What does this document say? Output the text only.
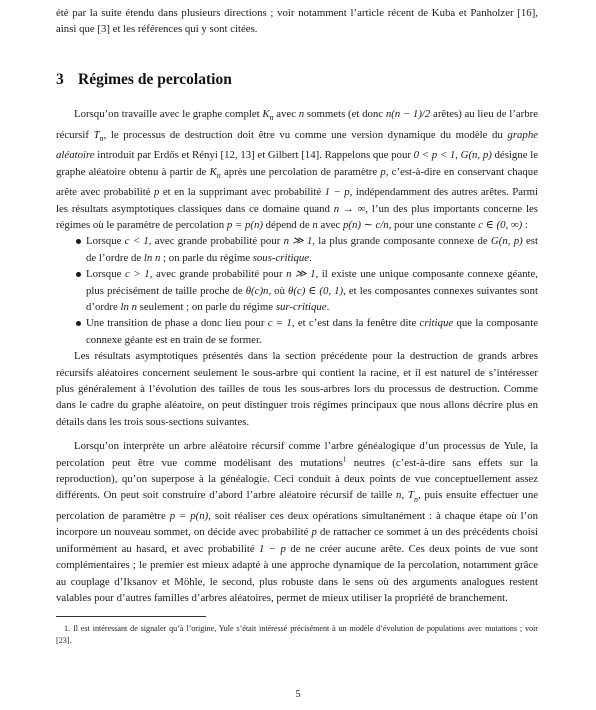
été par la suite étendu dans plusieurs directions ; voir notamment l’article récent de Kuba et Panholzer [16], ainsi que [3] et les références qui y sont citées.

3 Régimes de percolation

Lorsqu’on travaille avec le graphe complet $K_n$ avec n sommets (et donc n(n − 1)/2 arêtes) au lieu de l’arbre récursif $T_n$, le processus de destruction doit être vu comme une version dynamique du modèle du graphe aléatoire introduit par Erdős et Rényi [12, 13] et Gilbert [14]. Rappelons que pour 0 < p < 1, G(n, p) désigne le graphe aléatoire obtenu à partir de $K_n$ après une percolation de paramètre p, c’est-à-dire en conservant chaque arête avec probabilité p et en la supprimant avec probabilité 1 − p, indépendamment des autres arêtes. Parmi les résultats asymptotiques classiques dans ce domaine quand n → ∞, l’un des plus importants concerne les régimes où le paramètre de percolation p = p(n) dépend de n avec p(n) ∼ c/n, pour une constante c ∈ (0, ∞) :

Lorsque c < 1, avec grande probabilité pour n ≫ 1, la plus grande composante connexe de G(n, p) est de l’ordre de ln n ; on parle du régime sous-critique.
Lorsque c > 1, avec grande probabilité pour n ≫ 1, il existe une unique composante connexe géante, plus précisément de taille proche de θ(c)n, où θ(c) ∈ (0, 1), et les composantes connexes suivantes sont d’ordre ln n seulement ; on parle du régime sur-critique.
Une transition de phase a donc lieu pour c = 1, et c’est dans la fenêtre dite critique que la composante connexe géante est en train de se former.

Les résultats asymptotiques présentés dans la section précédente pour la destruction de grands arbres récursifs aléatoires concernent seulement le sous-arbre qui contient la racine, et il est naturel de s’intéresser plus généralement à l’évolution des tailles de tous les sous-arbres lors du processus de destruction. Comme dans le cadre du graphe aléatoire, on peut distinguer trois régimes principaux que nous allons décrire plus en détails dans les trois sous-sections suivantes.

Lorsqu’on interprète un arbre aléatoire récursif comme l’arbre généalogique d’un processus de Yule, la percolation peut être vue comme modélisant des mutations$^1$ neutres (c’est-à-dire sans effets sur la reproduction), qu’on superpose à la généalogie. Ceci conduit à deux points de vue conceptuellement assez différents. On peut soit construire d’abord l’arbre aléatoire récursif de taille n, $T_n$, puis ensuite effectuer une percolation de paramètre p = p(n), soit réaliser ces deux opérations simultanément : à chaque étape où l’on incorpore un nouveau sommet, on décide avec probabilité p de rattacher ce sommet à un des précédents choisi uniformément au hasard, et avec probabilité 1 − p de ne créer aucune arête. Ces deux points de vue sont complémentaires ; le premier est mieux adapté à une approche dynamique de la percolation, notamment grâce au couplage d’Iksanov et Möhle, le second, plus robuste dans le sens où des arguments analogues restent valables pour d’autres familles d’arbres aléatoires, permet de mieux utiliser la propriété de branchement.

1. Il est intéressant de signaler qu’à l’origine, Yule s’était intéressé précisément à un modèle d’évolution de populations avec mutations ; voir [23].
5
